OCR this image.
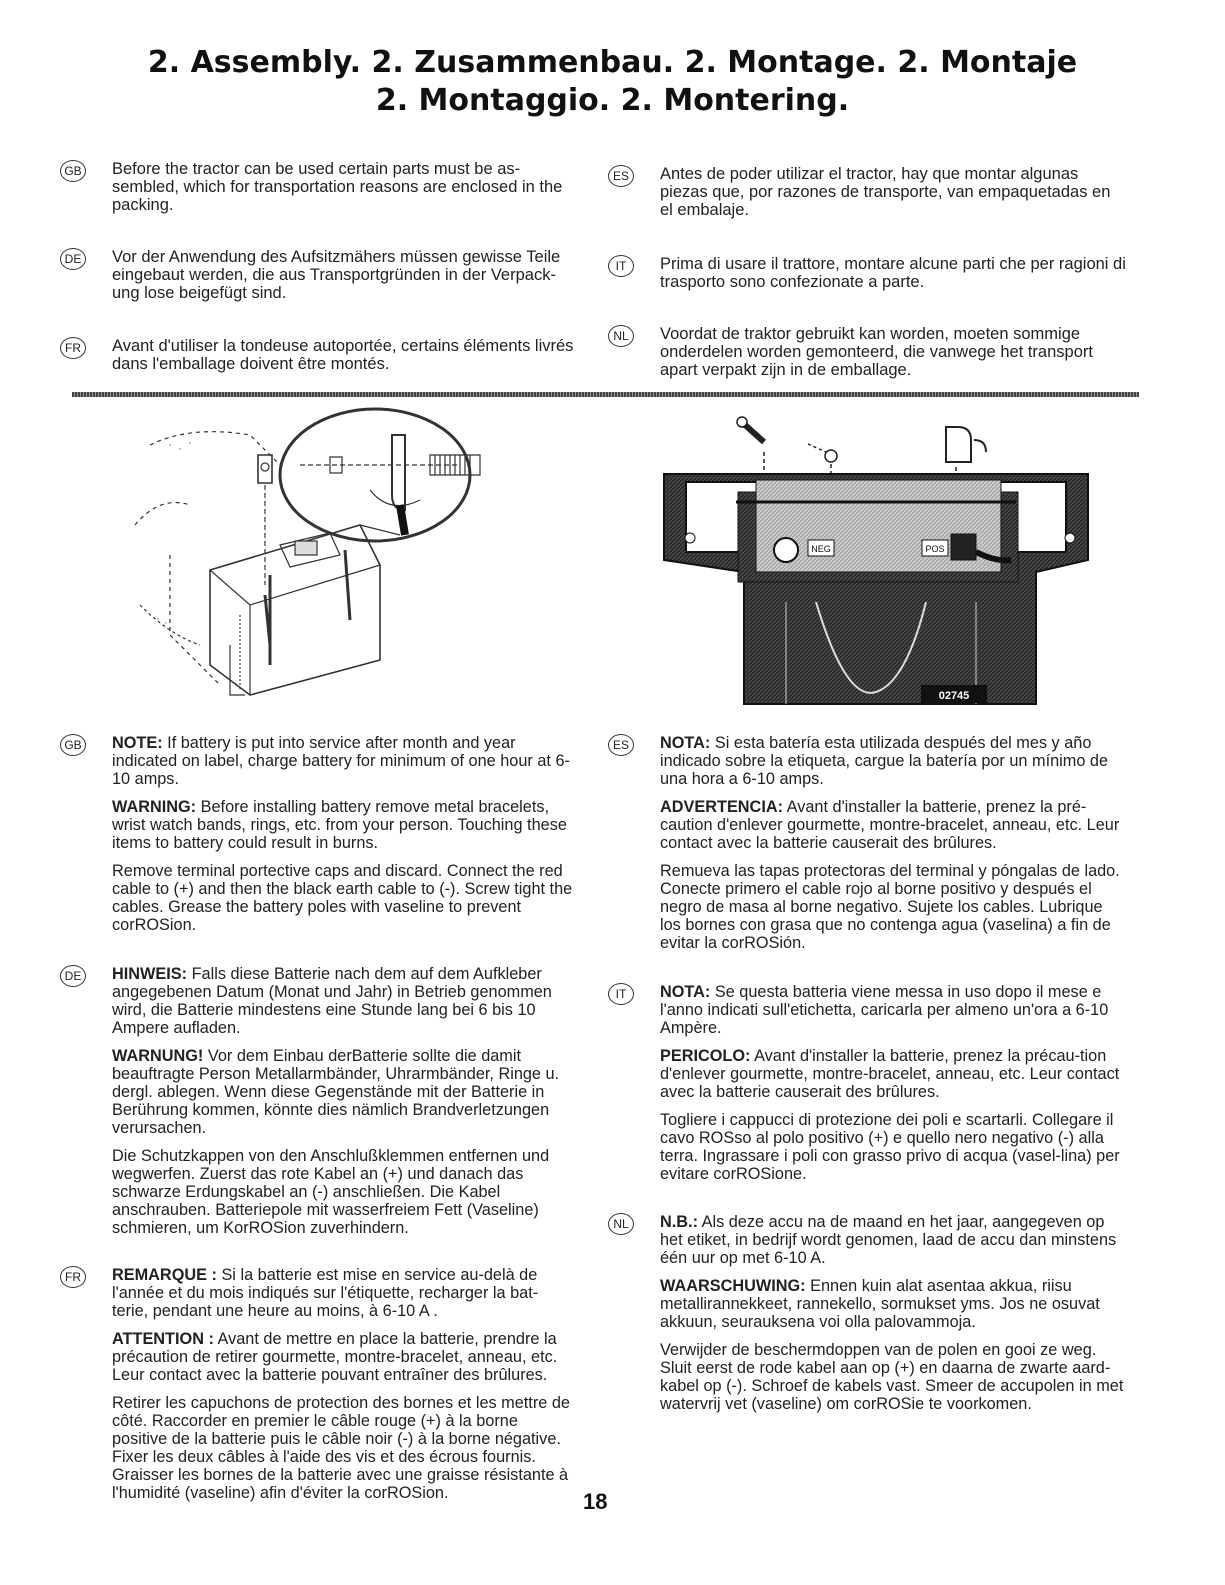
2. Assembly. 2. Zusammenbau. 2. Montage. 2. Montaje
2. Montaggio. 2. Montering.
GB Before the tractor can be used certain parts must be as-sembled, which for transportation reasons are enclosed in the packing.
DE Vor der Anwendung des Aufsitzmähers müssen gewisse Teile eingebaut werden, die aus Transportgründen in der Verpack-ung lose beigefügt sind.
FR	Avant d'utiliser la tondeuse autoportée, certains éléments livrés dans l'emballage doivent être montés.
ES	Antes de poder utilizar el tractor, hay que montar algunas piezas que, por razones de transporte, van empaquetadas en el embalaje.
IT	Prima di usare il trattore, montare alcune parti che per ragioni di trasporto sono confezionate a parte.
NL	Voordat de traktor gebruikt kan worden, moeten sommige onderdelen worden gemonteerd, die vanwege het transport apart verpakt zijn in de emballage.
NEG	POS
02745

GB NOTE: If battery is put into service after month and year indicated on label, charge battery for minimum of one hour at 6-10 amps.

WARNING: Before installing battery remove metal bracelets, wrist watch bands, rings, etc. from your person. Touching these items to battery could result in burns.

Remove terminal portective caps and discard. Connect the red cable to (+) and then the black earth cable to (-). Screw tight the cables. Grease the battery poles with vaseline to prevent corROSion.

DE HINWEIS: Falls diese Batterie nach dem auf dem Aufkleber angegebenen Datum (Monat und Jahr) in Betrieb genommen wird, die Batterie mindestens eine Stunde lang bei 6 bis 10 Ampere aufladen.

WARNUNG! Vor dem Einbau derBatterie sollte die damit beauftragte Person Metallarmbänder, Uhrarmbänder, Ringe u. dergl. ablegen. Wenn diese Gegenstände mit der Batterie in Berührung kommen, könnte dies nämlich Brandverletzungen verursachen.

Die Schutzkappen von den Anschlußklemmen entfernen und wegwerfen. Zuerst das rote Kabel an (+) und danach das schwarze Erdungskabel an (-) anschließen. Die Kabel anschrauben. Batteriepole mit wasserfreiem Fett (Vaseline) schmieren, um KorROSion zuverhindern.

FR	REMARQUE : Si la batterie est mise en service au-delà de l'année et du mois indiqués sur l'étiquette, recharger la bat-terie, pendant une heure au moins, à 6-10 A .

ATTENTION : Avant de mettre en place la batterie, prendre la précaution de retirer gourmette, montre-bracelet, anneau, etc. Leur contact avec la batterie pouvant entraîner des brûlures.

Retirer les capuchons de protection des bornes et les mettre de côté. Raccorder en premier le câble rouge (+) à la borne positive de la batterie puis le câble noir (-) à la borne négative. Fixer les deux câbles à l'aide des vis et des écrous fournis. Graisser les bornes de la batterie avec une graisse résistante à l'humidité (vaseline) afin d'éviter la corROSion.

ES	NOTA: Si esta batería esta utilizada después del mes y año indicado sobre la etiqueta, cargue la batería por un mínimo de una hora a 6-10 amps.

ADVERTENCIA: Avant d'installer la batterie, prenez la pré-caution d'enlever gourmette, montre-bracelet, anneau, etc. Leur contact avec la batterie causerait des brûlures.

Remueva las tapas protectoras del terminal y póngalas de lado. Conecte primero el cable rojo al borne positivo y después el negro de masa al borne negativo. Sujete los cables. Lubrique los bornes con grasa que no contenga agua (vaselina) a fin de evitar la corROSión.

IT	NOTA: Se questa batteria viene messa in uso dopo il mese e l'anno indicati sull'etichetta, caricarla per almeno un'ora a 6-10 Ampère.

PERICOLO: Avant d'installer la batterie, prenez la précau-tion d'enlever gourmette, montre-bracelet, anneau, etc. Leur contact avec la batterie causerait des brûlures.

Togliere i cappucci di protezione dei poli e scartarli. Collegare il cavo ROSso al polo positivo (+) e quello nero negativo (-) alla terra. Ingrassare i poli con grasso privo di acqua (vasel-lina) per evitare corROSione.

NL	N.B.: Als deze accu na de maand en het jaar, aangegeven op het etiket, in bedrijf wordt genomen, laad de accu dan minstens één uur op met 6-10 A.

WAARSCHUWING: Ennen kuin alat asentaa akkua, riisu metallirannekkeet, rannekello, sormukset yms. Jos ne osuvat akkuun, seurauksena voi olla palovammoja.

Verwijder de beschermdoppen van de polen en gooi ze weg. Sluit eerst de rode kabel aan op (+) en daarna de zwarte aard-kabel op (-). Schroef de kabels vast. Smeer de accupolen in met watervrij vet (vaseline) om corROSie te voorkomen.

18
